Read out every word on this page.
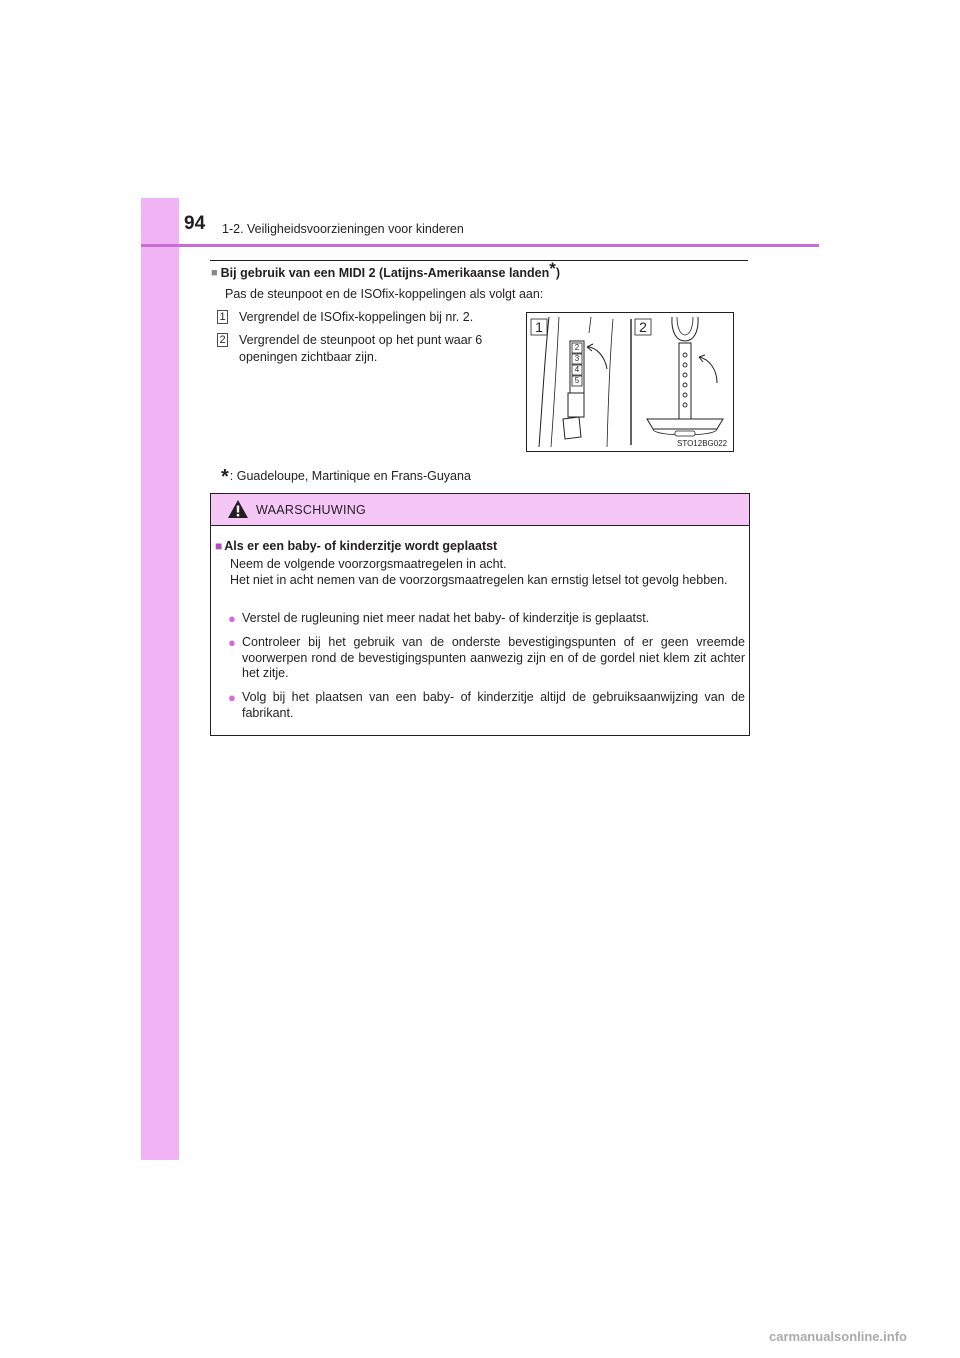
94 1-2. Veiligheidsvoorzieningen voor kinderen
■ Bij gebruik van een MIDI 2 (Latijns-Amerikaanse landen*)
Pas de steunpoot en de ISOfix-koppelingen als volgt aan:
1 Vergrendel de ISOfix-koppelingen bij nr. 2.
2 Vergrendel de steunpoot op het punt waar 6 openingen zichtbaar zijn.
1	2
2
3
4
5
STO12BG022
*: Guadeloupe, Martinique en Frans-Guyana
WAARSCHUWING
■ Als er een baby- of kinderzitje wordt geplaatst
Neem de volgende voorzorgsmaatregelen in acht.
Het niet in acht nemen van de voorzorgsmaatregelen kan ernstig letsel tot gevolg hebben.
● Verstel de rugleuning niet meer nadat het baby- of kinderzitje is geplaatst.
● Controleer bij het gebruik van de onderste bevestigingspunten of er geen vreemde voorwerpen rond de bevestigingspunten aanwezig zijn en of de gordel niet klem zit achter het zitje.
● Volg bij het plaatsen van een baby- of kinderzitje altijd de gebruiksaanwijzing van de fabrikant.
carmanualsonline.info
